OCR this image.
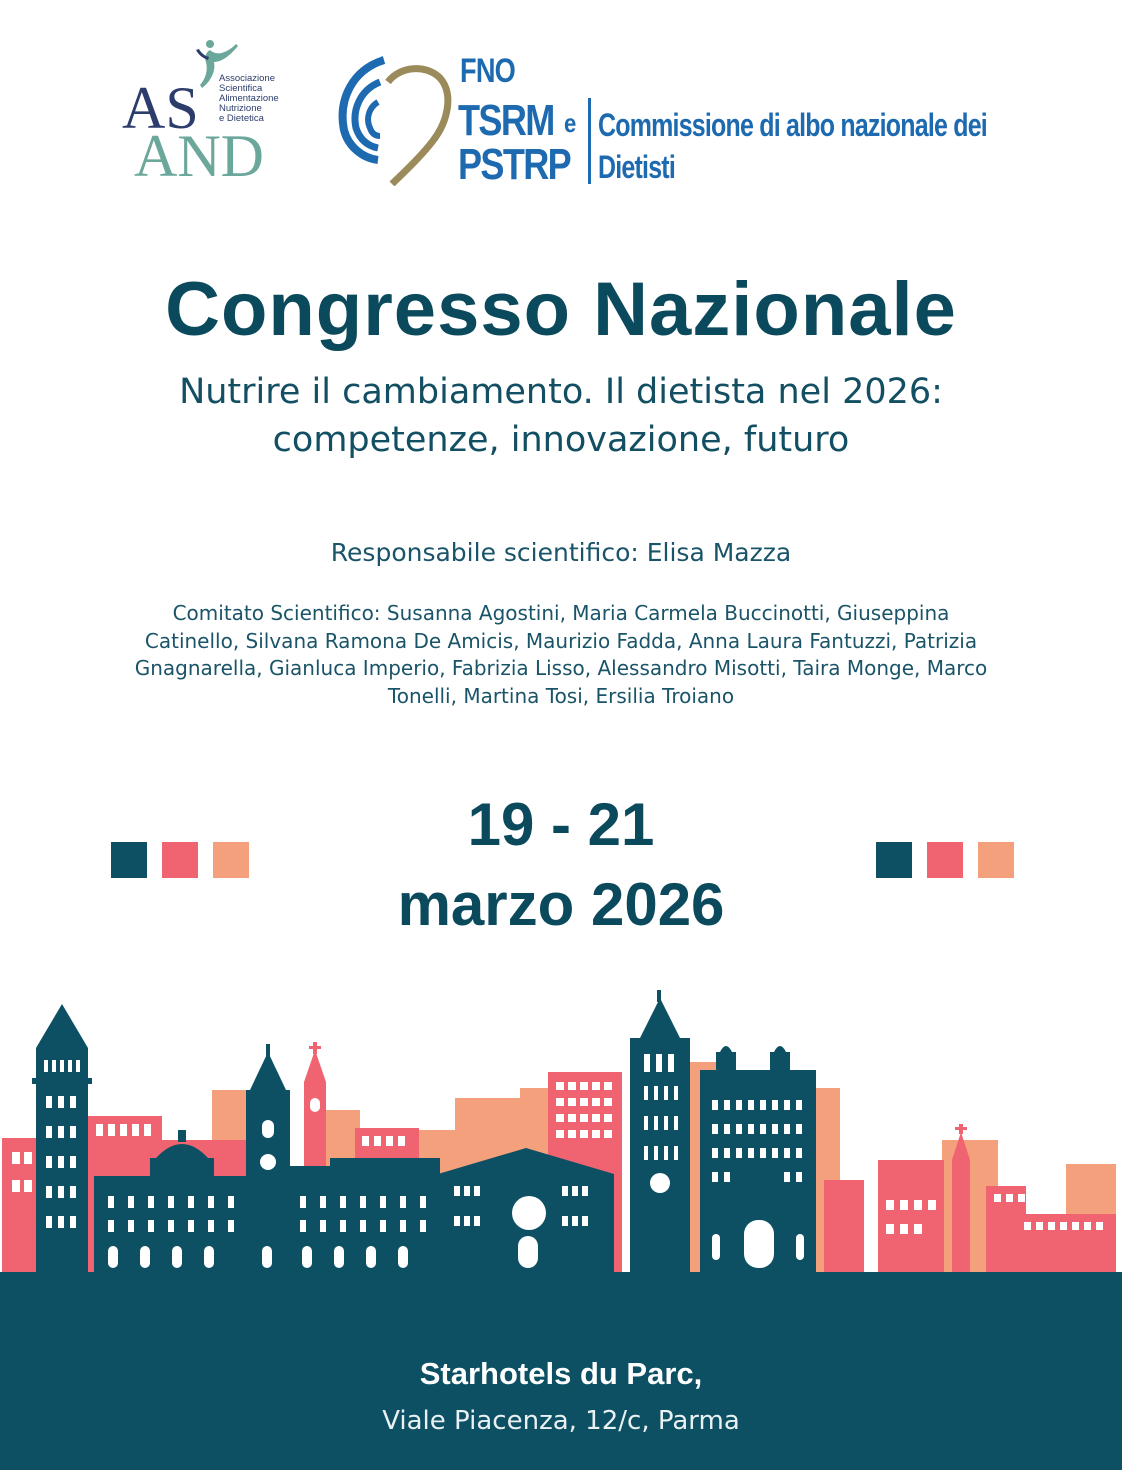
AS
AND
Associazione
Scientifica
Alimentazione
Nutrizione
e Dietetica
FNO
TSRM e
PSTRP
Commissione di albo nazionale dei
Dietisti
Congresso Nazionale
Nutrire il cambiamento. Il dietista nel 2026:
competenze, innovazione, futuro
Responsabile scientifico: Elisa Mazza
Comitato Scientifico: Susanna Agostini, Maria Carmela Buccinotti, Giuseppina
Catinello, Silvana Ramona De Amicis, Maurizio Fadda, Anna Laura Fantuzzi, Patrizia
Gnagnarella, Gianluca Imperio, Fabrizia Lisso, Alessandro Misotti, Taira Monge, Marco
Tonelli, Martina Tosi, Ersilia Troiano
19 - 21
marzo 2026
Starhotels du Parc,
Viale Piacenza, 12/c, Parma
